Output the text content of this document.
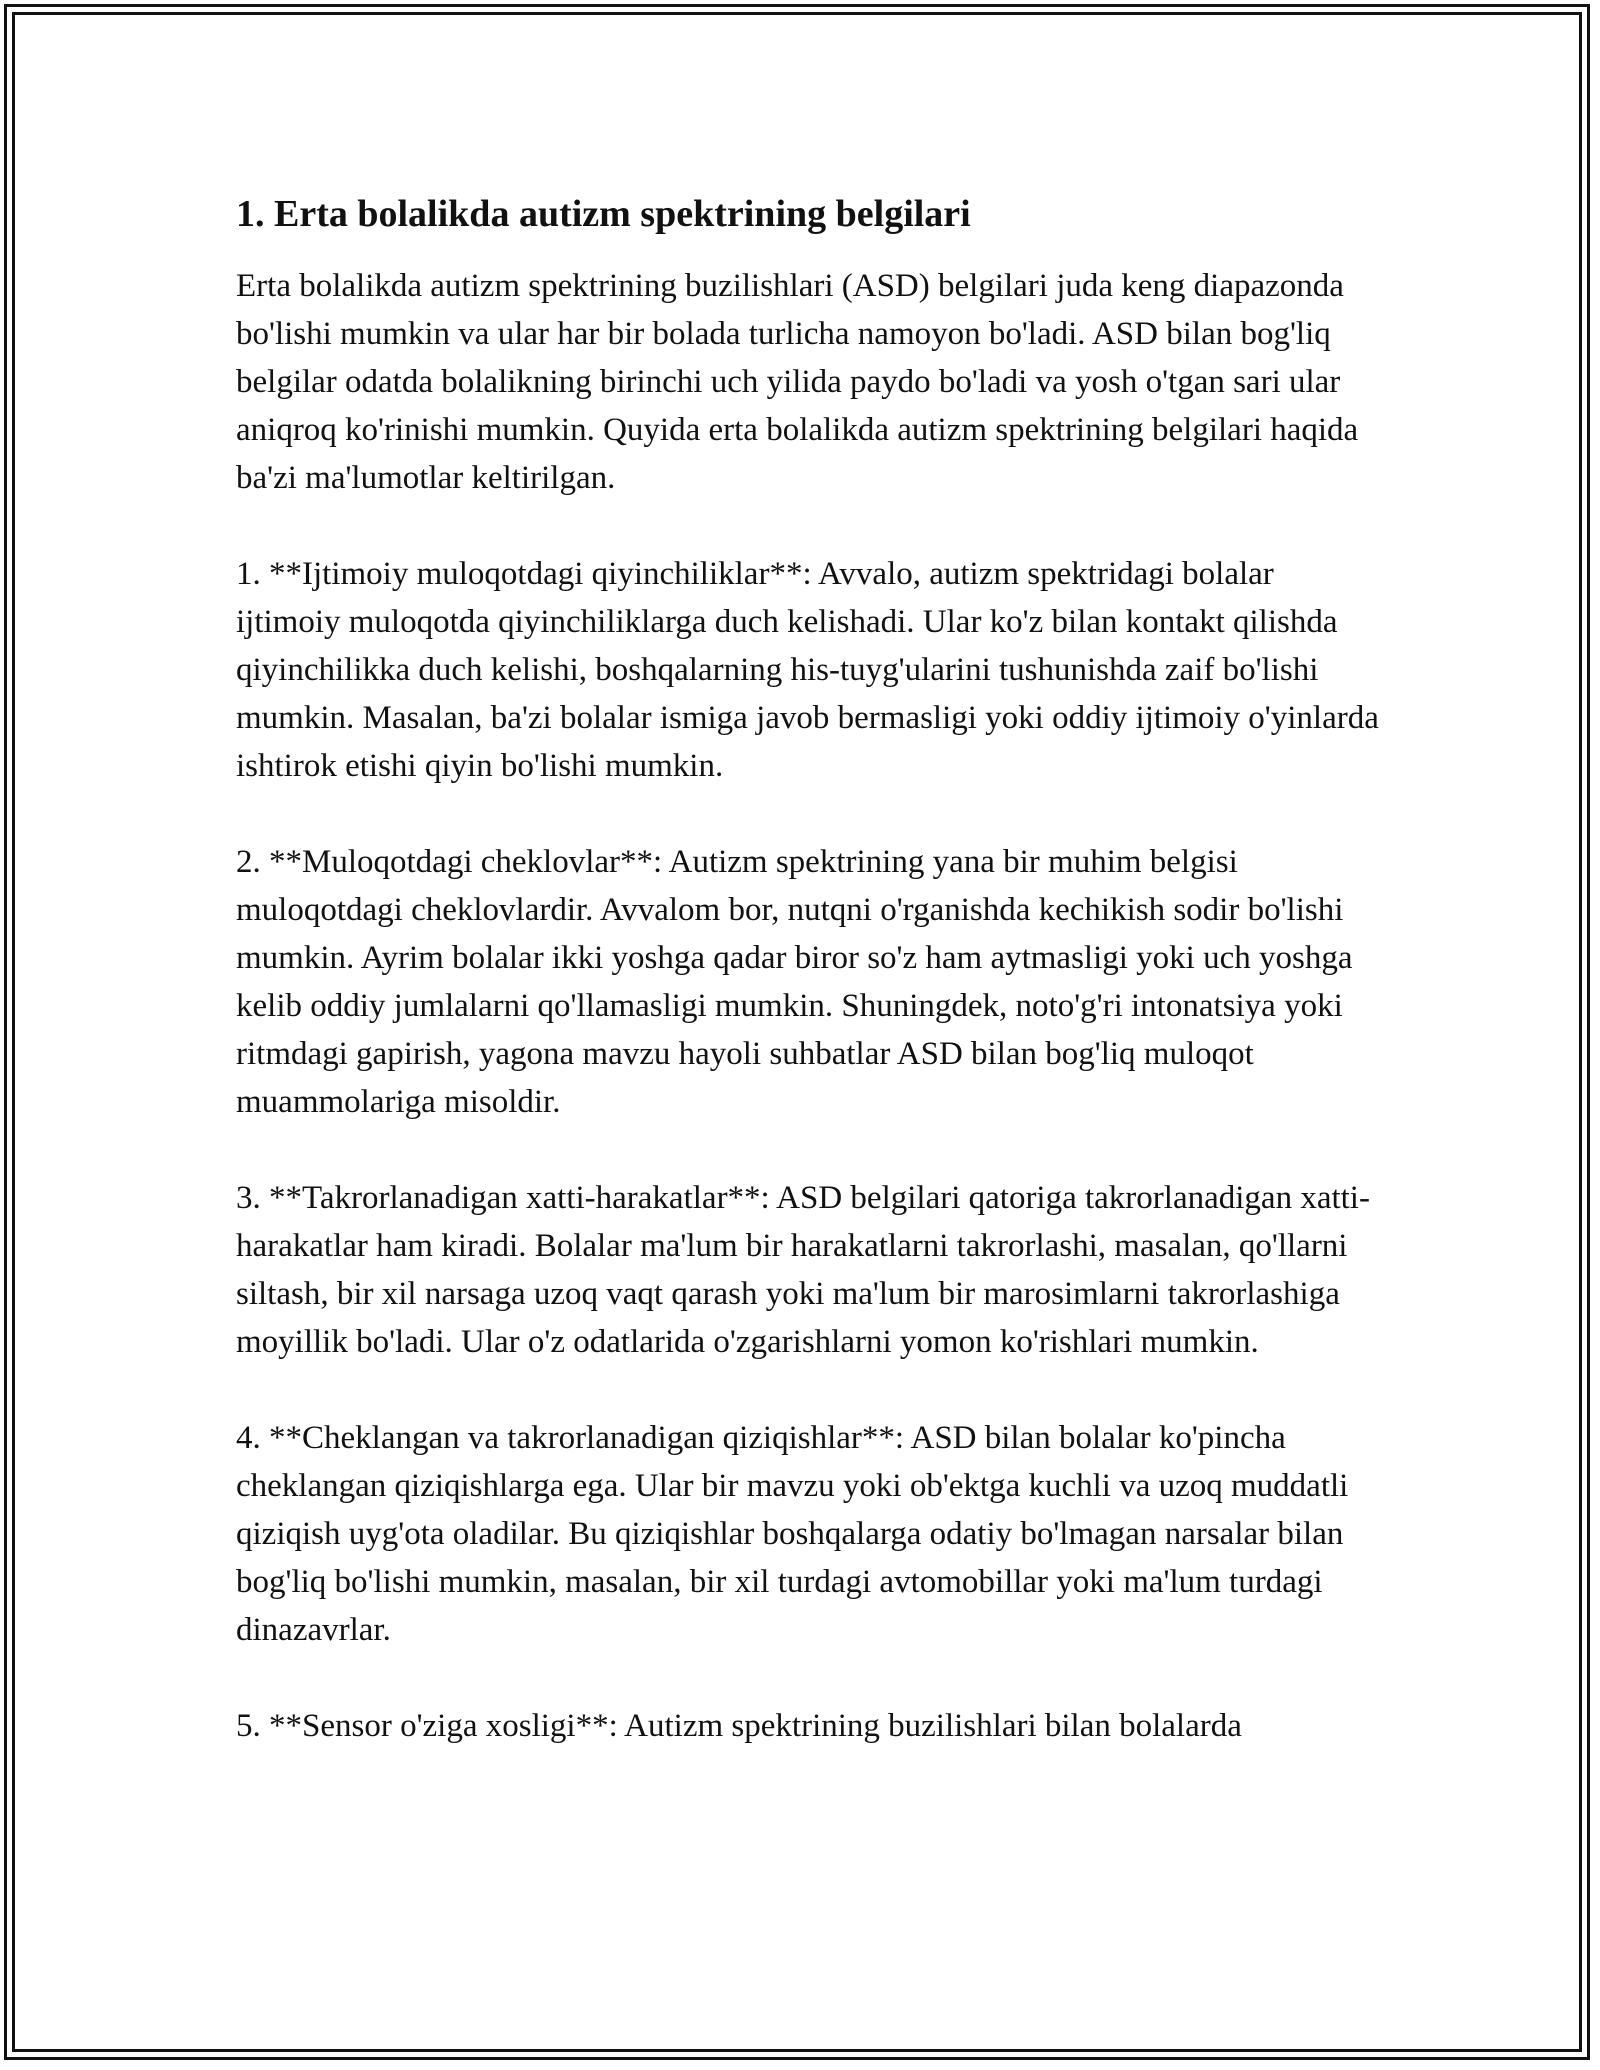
1. Erta bolalikda autizm spektrining belgilari

Erta bolalikda autizm spektrining buzilishlari (ASD) belgilari juda keng diapazonda bo'lishi mumkin va ular har bir bolada turlicha namoyon bo'ladi. ASD bilan bog'liq belgilar odatda bolalikning birinchi uch yilida paydo bo'ladi va yosh o'tgan sari ular aniqroq ko'rinishi mumkin. Quyida erta bolalikda autizm spektrining belgilari haqida ba'zi ma'lumotlar keltirilgan.

1. **Ijtimoiy muloqotdagi qiyinchiliklar**: Avvalo, autizm spektridagi bolalar ijtimoiy muloqotda qiyinchiliklarga duch kelishadi. Ular ko'z bilan kontakt qilishda qiyinchilikka duch kelishi, boshqalarning his-tuyg'ularini tushunishda zaif bo'lishi mumkin. Masalan, ba'zi bolalar ismiga javob bermasligi yoki oddiy ijtimoiy o'yinlarda ishtirok etishi qiyin bo'lishi mumkin.

2. **Muloqotdagi cheklovlar**: Autizm spektrining yana bir muhim belgisi muloqotdagi cheklovlardir. Avvalom bor, nutqni o'rganishda kechikish sodir bo'lishi mumkin. Ayrim bolalar ikki yoshga qadar biror so'z ham aytmasligi yoki uch yoshga kelib oddiy jumlalarni qo'llamasligi mumkin. Shuningdek, noto'g'ri intonatsiya yoki ritmdagi gapirish, yagona mavzu hayoli suhbatlar ASD bilan bog'liq muloqot muammolariga misoldir.

3. **Takrorlanadigan xatti-harakatlar**: ASD belgilari qatoriga takrorlanadigan xatti-harakatlar ham kiradi. Bolalar ma'lum bir harakatlarni takrorlashi, masalan, qo'llarni siltash, bir xil narsaga uzoq vaqt qarash yoki ma'lum bir marosimlarni takrorlashiga moyillik bo'ladi. Ular o'z odatlarida o'zgarishlarni yomon ko'rishlari mumkin.

4. **Cheklangan va takrorlanadigan qiziqishlar**: ASD bilan bolalar ko'pincha cheklangan qiziqishlarga ega. Ular bir mavzu yoki ob'ektga kuchli va uzoq muddatli qiziqish uyg'ota oladilar. Bu qiziqishlar boshqalarga odatiy bo'lmagan narsalar bilan bog'liq bo'lishi mumkin, masalan, bir xil turdagi avtomobillar yoki ma'lum turdagi dinazavrlar.

5. **Sensor o'ziga xosligi**: Autizm spektrining buzilishlari bilan bolalarda
